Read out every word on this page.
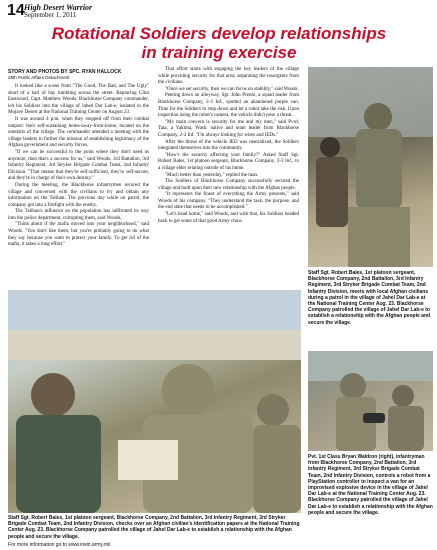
14 High Desert Warrior
September 1, 2011
Rotational Soldiers develop relationships
in training exercise
STORY AND PHOTOS BY SPC. RYAN HALLOCK
28th Public Affairs Detachment

It looked like a scene from "The Good, The Bad, and The Ugly" short of a ball of hay tumbling across the street. Replacing Clint Eastwood, Capt. Matthew Woods, Blackhorse Company commander, led his Soldiers into the village of Jahed Dar Lab-e, isolated in the Mojave Desert at the National Training Center on August 23.

It was around 4 p.m. when they stopped off from their combat outpost: their self-sustaining home-away-from-home, located on the outskirts of the village. The commander attended a meeting with the village leaders to further the mission of establishing legitimacy of the Afghan government and security forces.

"If we can be successful to the point where they don't need us anymore, then that's a success for us," said Woods, 3rd Battalion, 3rd Infantry Regiment, 3rd Stryker Brigade Combat Team, 2nd Infantry Division. "That means that they're self-sufficient, they're self-secure, and they're in charge of their own destiny."

During the meeting, the Blackhorse infantrymen secured the village and conversed with the civilians to try and obtain any information on the Taliban. The previous day while on patrol, the company got into a firefight with the enemy.

The Taliban's influence on the population has infiltrated its way into the police department, corrupting them, said Woods.

"Think about if the mafia moved into your neighborhood," said Woods. "You don't like them, but you're probably going to do what they say because you want to protect your family. To get rid of the mafia, it takes a long effort."

That effort starts with engaging the key leaders of the village while providing security for that area; separating the insurgents from the civilians.

"Once we set security, then we can focus on stability," said Woods.

Peering down an alleyway, Sgt. John Prento, a squad leader from Blackhorse Company, 2-3 Inf., spotted an abandoned purple van. Time for the Soldiers to stop down and let a robot take the risk. Upon inspection using the robot's camera, the vehicle didn't pose a threat.

"My main concern is security for me and my men," said Pvrd. Tata, a Yakima, Wash. native and team leader from Blackhorse Company, 2-3 Inf. "I'm always looking for wires and IEDs."

After the threat of the vehicle IED was neutralized, the Soldiers integrated themselves into the community.

"How's the security affecting your family?" Asked Staff Sgt. Robert Bales, 1st platoon sergeant, Blackhorse Company, 2-3 Inf., to a village elder relating outside of his home.

"Much better than yesterday," replied the man.

The Soldiers of Blackhorse Company successfully secured the village and built upon their new relationship with the Afghan people.

"It represents the finest of everything the Army presents," said Woods of his company. "They understand the task, the purpose, and the end state that needs to be accomplished."

"Let's head home," said Woods, and with that, his Soldiers headed back to get some of that good Army chow.

Staff Sgt. Robert Bales, 1st platoon sergeant, Blackhorse Company, 2nd Battalion, 3rd Infantry Regiment, 3rd Stryker Brigade Combat Team, 2nd Infantry Division, meets with local Afghan civilians during a patrol in the village of Jahel Dar Lab-e at the National Training Center Aug. 23. Blackhorse Company patrolled the village of Jahel Dar Lab-e to establish a relationship with the Afghan people and secure the village.
Staff Sgt. Robert Bales, 1st platoon sergeant, Blackhorse Company, 2nd Battalion, 3rd Infantry Regiment, 3rd Stryker Brigade Combat Team, 2nd Infantry Division, checks over an Afghan civilian's identification papers at the National Training Center Aug. 23. Blackhorse Company patrolled the village of Jahel Dar Lab-e to establish a relationship with the Afghan people and secure the village.
Pvt. 1st Class Bryan Waldron (right), infantryman from Blackhorse Company, 2nd Battalion, 3rd Infantry Regiment, 3rd Stryker Brigade Combat Team, 2nd Infantry Division, controls a robot from a PlayStation controller to inspect a van for an improvised explosive device in the village of Jahel Dar Lab-e at the National Training Center Aug. 23. Blackhorse Company patrolled the village of Jahel Dar Lab-e to establish a relationship with the Afghan people and secure the village.
For more information go to www.irwin.army.mil
